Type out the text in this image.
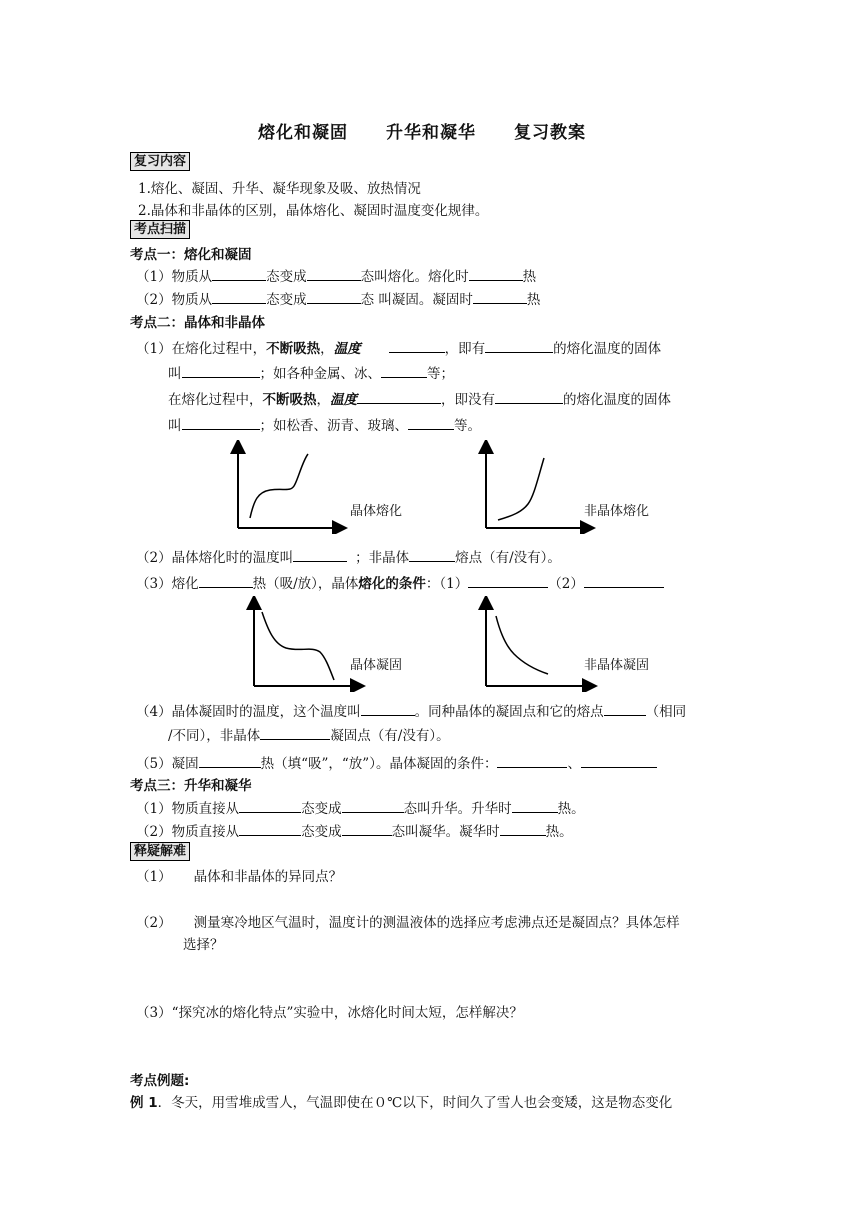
熔化和凝固 升华和凝华 复习教案
复习内容
1.熔化、凝固、升华、凝华现象及吸、放热情况
2.晶体和非晶体的区别，晶体熔化、凝固时温度变化规律。
考点扫描
考点一：熔化和凝固
（1）物质从	态变成	态叫熔化。熔化时	热
（2）物质从	态变成	态 叫凝固。凝固时	热
考点二：晶体和非晶体
（1）在熔化过程中，不断吸热，温度	，即有	的熔化温度的固体
叫	；如各种金属、冰、	等；
在熔化过程中，不断吸热，温度	，即没有	的熔化温度的固体
叫	；如松香、沥青、玻璃、	等。
晶体熔化	非晶体熔化
（2）晶体熔化时的温度叫	；非晶体	熔点（有/没有）。
（3）熔化	热（吸/放），晶体熔化的条件：（1）	（2）
晶体凝固	非晶体凝固
（4）晶体凝固时的温度，这个温度叫	。同种晶体的凝固点和它的熔点	（相同
/不同），非晶体	凝固点（有/没有）。
（5）凝固	热（填“吸”，“放”）。晶体凝固的条件：	、
考点三：升华和凝华
（1）物质直接从	态变成	态叫升华。升华时	热。
（2）物质直接从	态变成	态叫凝华。凝华时	热。
释疑解难
（1） 晶体和非晶体的异同点？
（2） 测量寒冷地区气温时，温度计的测温液体的选择应考虑沸点还是凝固点？具体怎样
选择？
（3）“探究冰的熔化特点”实验中，冰熔化时间太短，怎样解决？
考点例题:
例 1．冬天，用雪堆成雪人，气温即使在０℃以下，时间久了雪人也会变矮，这是物态变化
